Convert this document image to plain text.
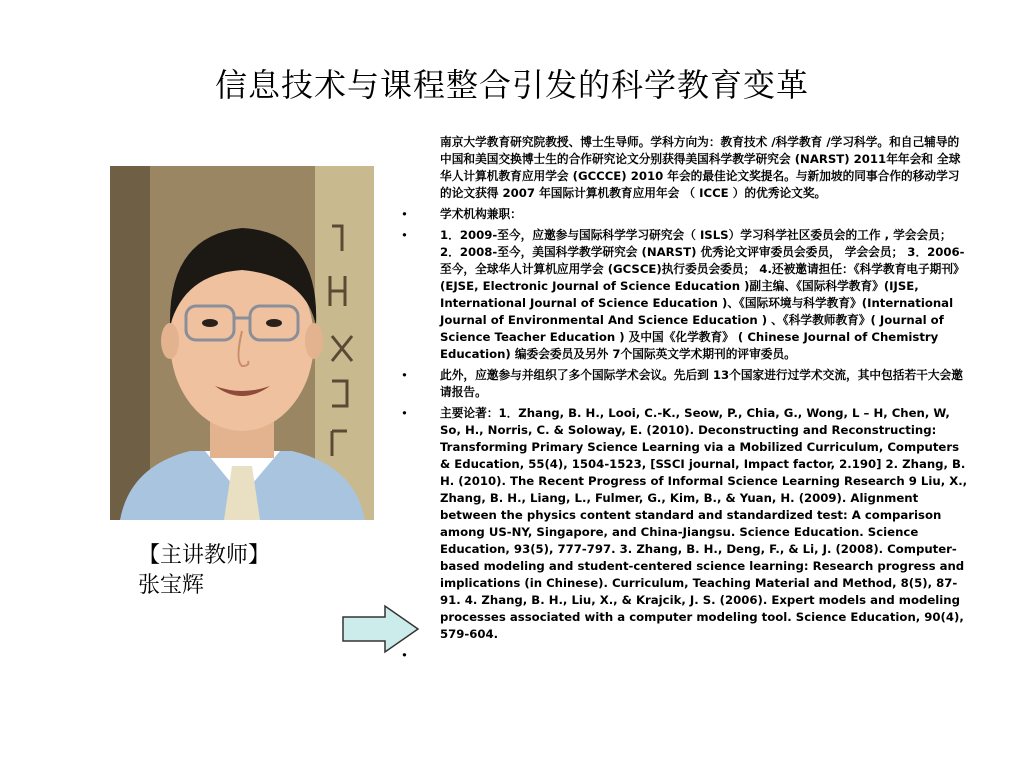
信息技术与课程整合引发的科学教育变革
【主讲教师】
张宝辉
南京大学教育研究院教授、博士生导师。学科方向为：教育技术 /科学教育 /学习科学。和自己辅导的中国和美国交换博士生的合作研究论文分别获得美国科学教学研究会 (NARST) 2011年年会和 全球华人计算机教育应用学会 (GCCCE) 2010 年会的最佳论文奖提名。与新加坡的同事合作的移动学习的论文获得 2007 年国际计算机教育应用年会 （ ICCE ）的优秀论文奖。
•	学术机构兼职：
•	1．2009-至今，应邀参与国际科学学习研究会（ ISLS）学习科学社区委员会的工作 , 学会会员； 2．2008-至今，美国科学教学研究会 (NARST) 优秀论文评审委员会委员， 学会会员； 3．2006-至今，全球华人计算机应用学会 (GCSCE)执行委员会委员； 4.还被邀请担任：《科学教育电子期刊》(EJSE, Electronic Journal of Science Education )副主编、《国际科学教育》(IJSE, International Journal of Science Education )、《国际环境与科学教育》(International Journal of Environmental And Science Education ) 、《科学教师教育》( Journal of Science Teacher Education ) 及中国《化学教育》 ( Chinese Journal of Chemistry Education) 编委会委员及另外 7个国际英文学术期刊的评审委员。
•	此外，应邀参与并组织了多个国际学术会议。先后到 13个国家进行过学术交流，其中包括若干大会邀请报告。
•	主要论著：1．Zhang, B. H., Looi, C.-K., Seow, P., Chia, G., Wong, L – H, Chen, W, So, H., Norris, C. & Soloway, E. (2010). Deconstructing and Reconstructing: Transforming Primary Science Learning via a Mobilized Curriculum, Computers & Education, 55(4), 1504-1523, [SSCI journal, Impact factor, 2.190] 2. Zhang, B. H. (2010). The Recent Progress of Informal Science Learning Research 9 Liu, X., Zhang, B. H., Liang, L., Fulmer, G., Kim, B., & Yuan, H. (2009). Alignment between the physics content standard and standardized test: A comparison among US-NY, Singapore, and China-Jiangsu. Science Education. Science Education, 93(5), 777-797. 3. Zhang, B. H., Deng, F., & Li, J. (2008). Computer-based modeling and student-centered science learning: Research progress and implications (in Chinese). Curriculum, Teaching Material and Method, 8(5), 87-91. 4. Zhang, B. H., Liu, X., & Krajcik, J. S. (2006). Expert models and modeling processes associated with a computer modeling tool. Science Education, 90(4), 579-604.
•
